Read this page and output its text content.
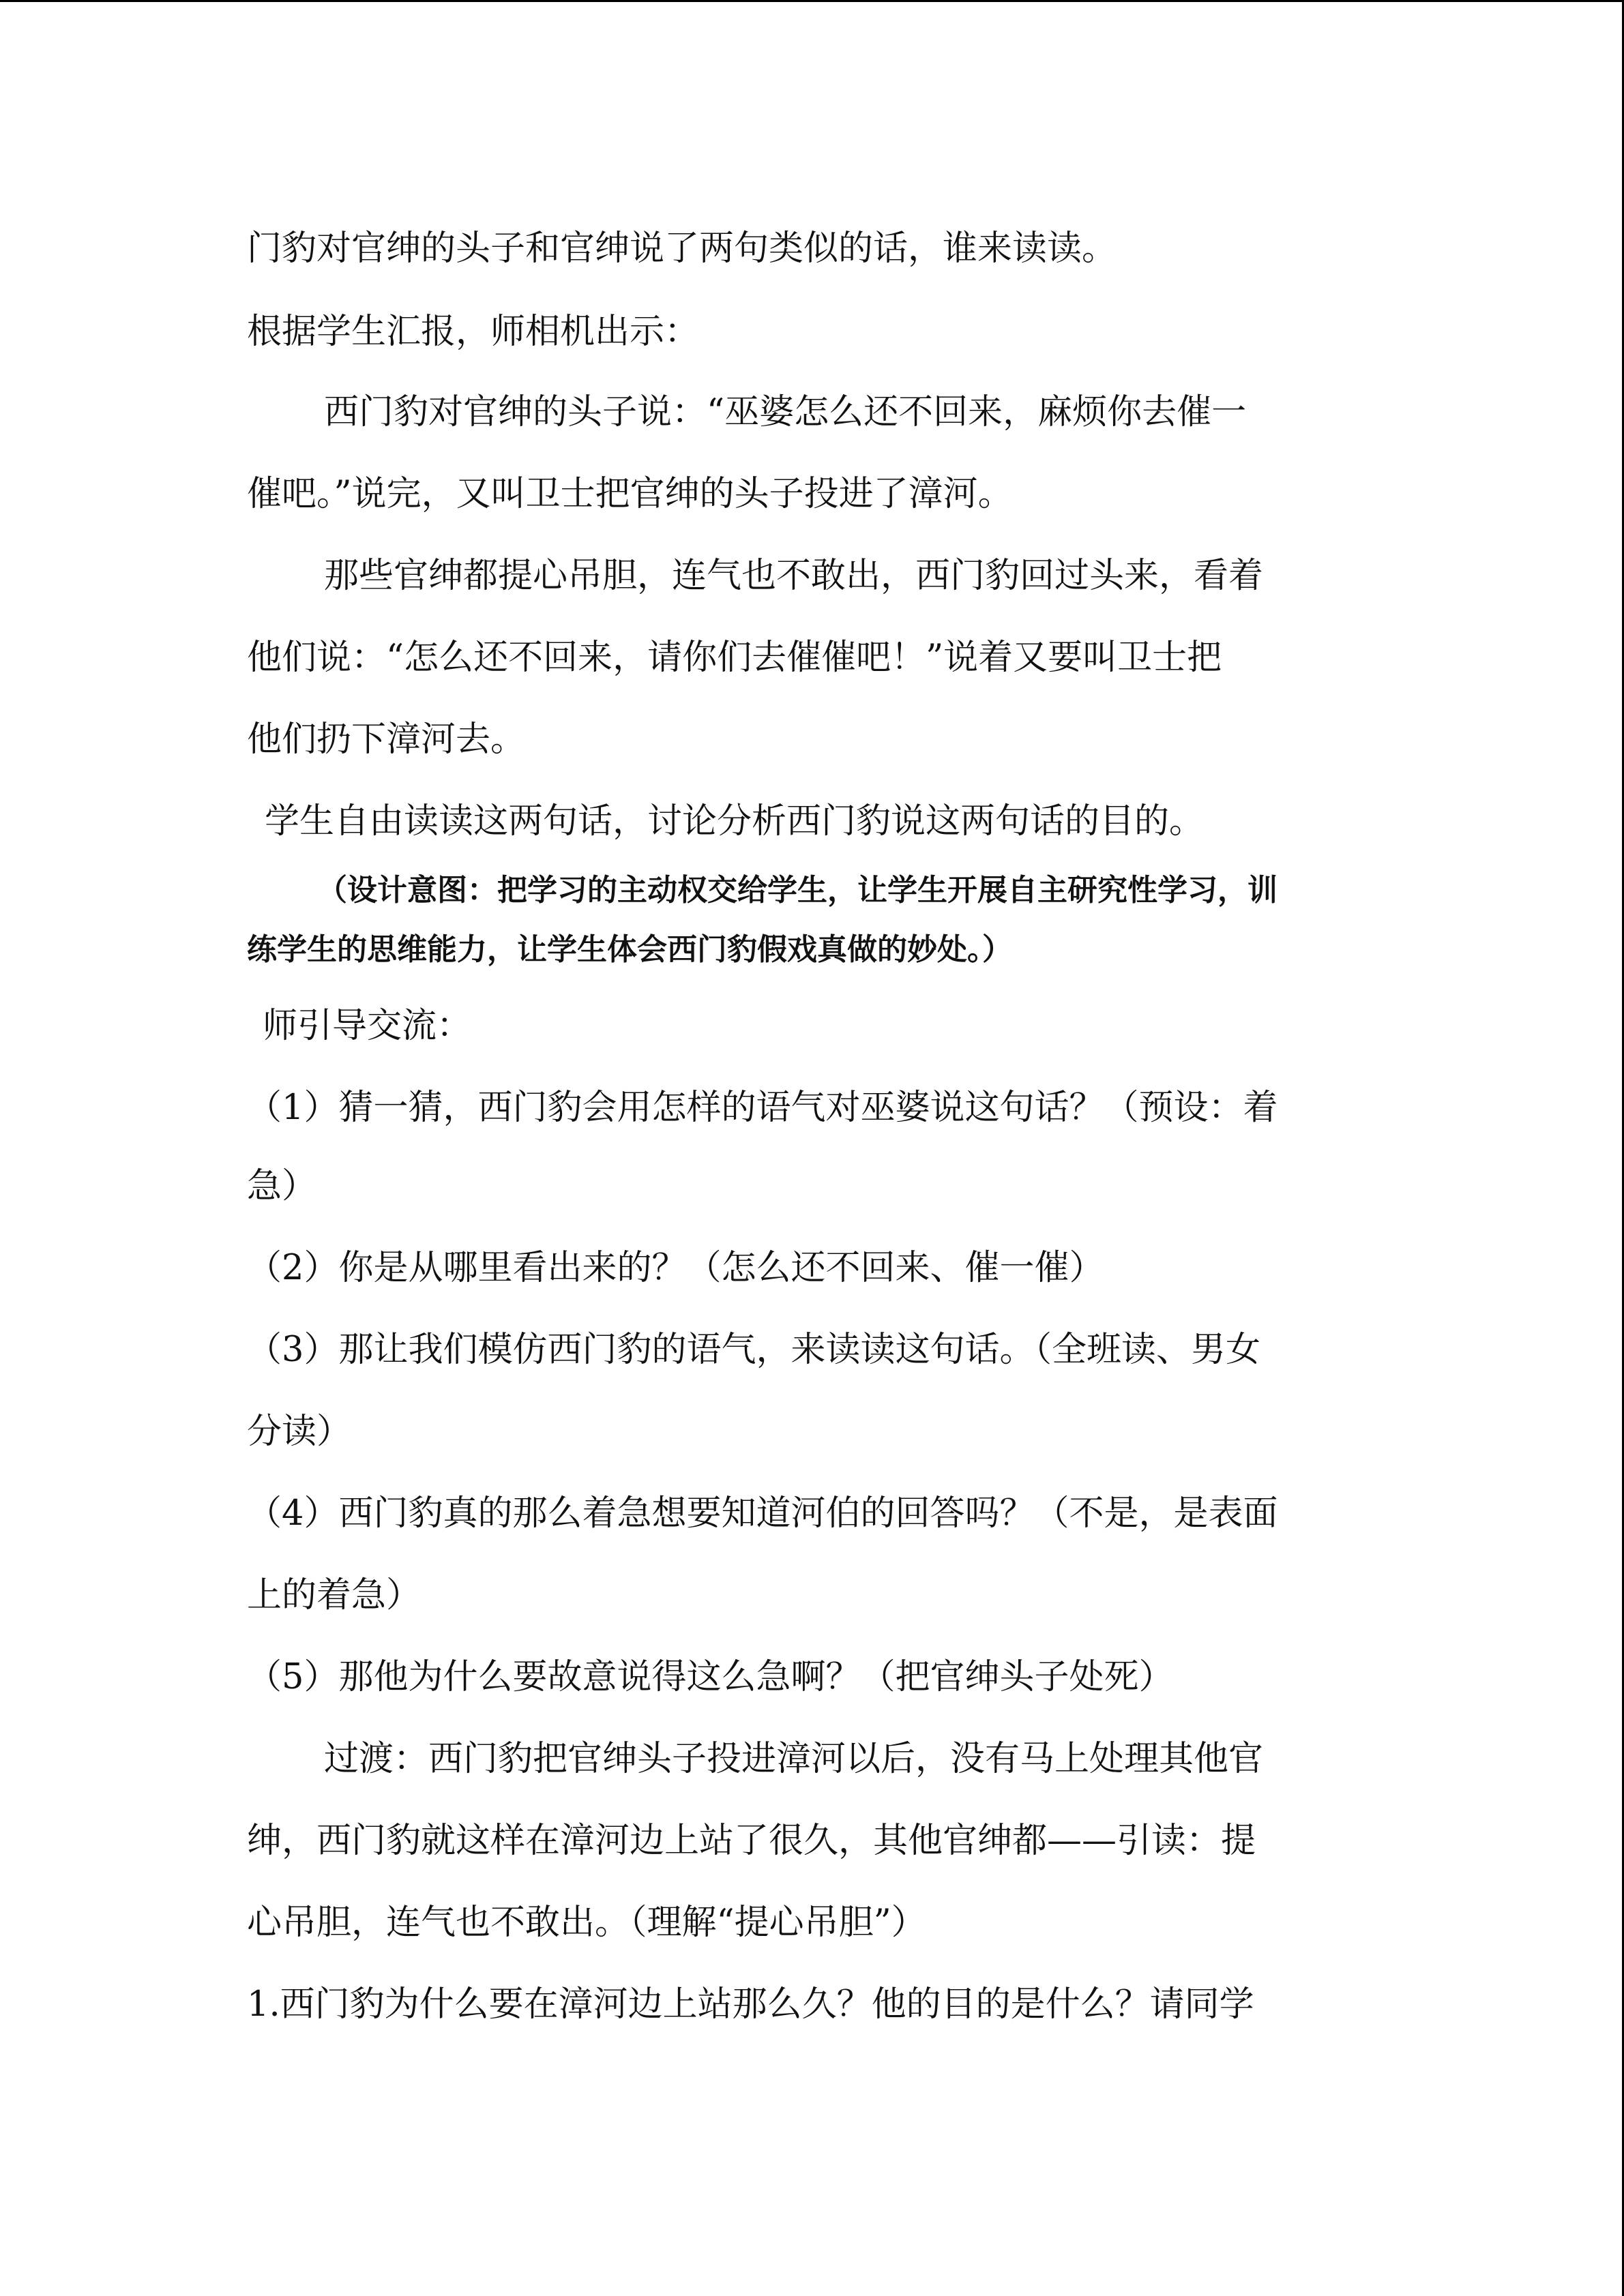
门豹对官绅的头子和官绅说了两句类似的话，谁来读读。
根据学生汇报，师相机出示：
西门豹对官绅的头子说：“巫婆怎么还不回来，麻烦你去催一
催吧。”说完，又叫卫士把官绅的头子投进了漳河。
那些官绅都提心吊胆，连气也不敢出，西门豹回过头来，看着
他们说：“怎么还不回来，请你们去催催吧！”说着又要叫卫士把
他们扔下漳河去。
学生自由读读这两句话，讨论分析西门豹说这两句话的目的。
（设计意图：把学习的主动权交给学生，让学生开展自主研究性学习，训
练学生的思维能力，让学生体会西门豹假戏真做的妙处。）
师引导交流：
（1）猜一猜，西门豹会用怎样的语气对巫婆说这句话？（预设：着
急）
（2）你是从哪里看出来的？（怎么还不回来、催一催）
（3）那让我们模仿西门豹的语气，来读读这句话。（全班读、男女
分读）
（4）西门豹真的那么着急想要知道河伯的回答吗？（不是，是表面
上的着急）
（5）那他为什么要故意说得这么急啊？（把官绅头子处死）
过渡：西门豹把官绅头子投进漳河以后，没有马上处理其他官
绅，西门豹就这样在漳河边上站了很久，其他官绅都——引读：提
心吊胆，连气也不敢出。（理解“提心吊胆”）
1.西门豹为什么要在漳河边上站那么久？他的目的是什么？请同学
